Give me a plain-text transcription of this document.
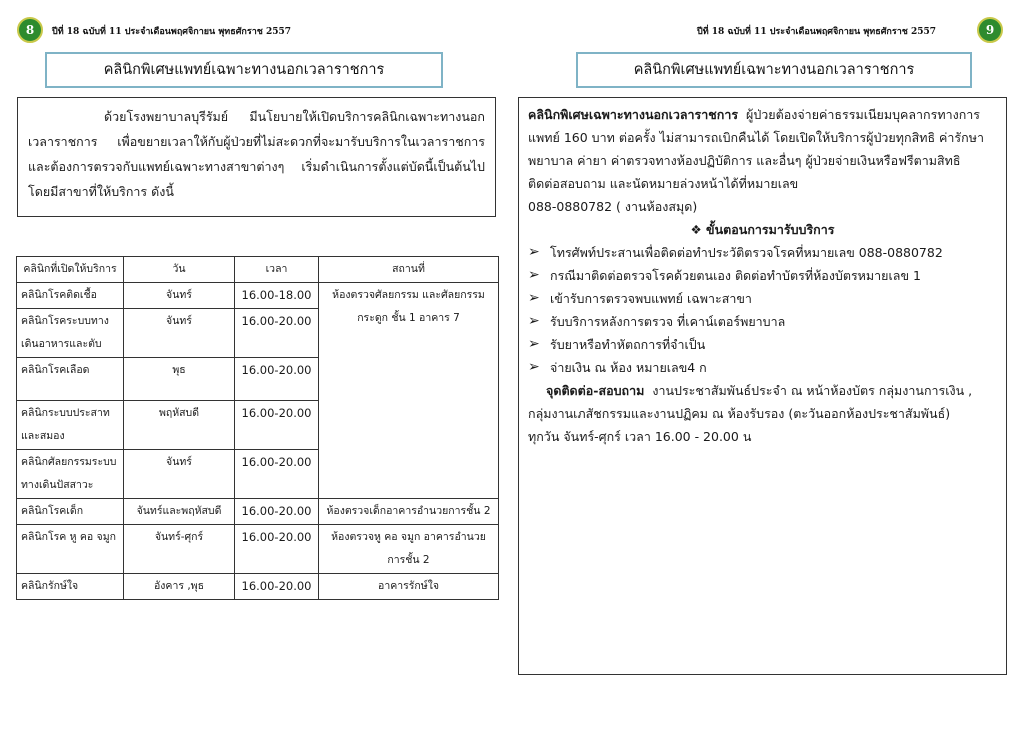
8	ปีที่ 18 ฉบับที่ 11 ประจำเดือนพฤศจิกายน พุทธศักราช 2557
คลินิกพิเศษแพทย์เฉพาะทางนอกเวลาราชการ

ด้วยโรงพยาบาลบุรีรัมย์ มีนโยบายให้เปิดบริการคลินิกเฉพาะทางนอกเวลาราชการ เพื่อขยายเวลาให้กับผู้ป่วยที่ไม่สะดวกที่จะมารับบริการในเวลาราชการ และต้องการตรวจกับแพทย์เฉพาะทางสาขาต่างๆ เริ่มดำเนินการตั้งแต่บัดนี้เป็นต้นไป โดยมีสาขาที่ให้บริการ ดังนี้

คลินิกที่เปิดให้บริการ	วัน	เวลา	สถานที่
คลินิกโรคติดเชื้อ	จันทร์	16.00-18.00	ห้องตรวจศัลยกรรม และศัลยกรรมกระดูก ชั้น 1 อาคาร 7
คลินิกโรคระบบทางเดินอาหารและตับ	จันทร์	16.00-20.00	
คลินิกโรคเลือด	พุธ	16.00-20.00	
คลินิกระบบประสาทและสมอง	พฤหัสบดี	16.00-20.00	
คลินิกศัลยกรรมระบบทางเดินปัสสาวะ	จันทร์	16.00-20.00	
คลินิกโรคเด็ก	จันทร์และพฤหัสบดี	16.00-20.00	ห้องตรวจเด็กอาคารอำนวยการชั้น 2
คลินิกโรค หู คอ จมูก	จันทร์-ศุกร์	16.00-20.00	ห้องตรวจหู คอ จมูก อาคารอำนวยการชั้น 2
คลินิกรักษ์ใจ	อังคาร ,พุธ	16.00-20.00	อาคารรักษ์ใจ
ปีที่ 18 ฉบับที่ 11 ประจำเดือนพฤศจิกายน พุทธศักราช 2557	9
คลินิกพิเศษแพทย์เฉพาะทางนอกเวลาราชการ

คลินิกพิเศษเฉพาะทางนอกเวลาราชการ ผู้ป่วยต้องจ่ายค่าธรรมเนียมบุคลากรทางการแพทย์ 160 บาท ต่อครั้ง ไม่สามารถเบิกคืนได้ โดยเปิดให้บริการผู้ป่วยทุกสิทธิ ค่ารักษาพยาบาล ค่ายา ค่าตรวจทางห้องปฏิบัติการ และอื่นๆ ผู้ป่วยจ่ายเงินหรือฟรีตามสิทธิ

ติดต่อสอบถาม และนัดหมายล่วงหน้าได้ที่หมายเลข

088-0880782 ( งานห้องสมุด)

❖ ขั้นตอนการมารับบริการ

➢ โทรศัพท์ประสานเพื่อติดต่อทำประวัติตรวจโรคที่หมายเลข 088-0880782
➢ กรณีมาติดต่อตรวจโรคด้วยตนเอง ติดต่อทำบัตรที่ห้องบัตรหมายเลข 1
➢ เข้ารับการตรวจพบแพทย์ เฉพาะสาขา
➢ รับบริการหลังการตรวจ ที่เคาน์เตอร์พยาบาล
➢ รับยาหรือทำหัตถการที่จำเป็น
➢ จ่ายเงิน ณ ห้อง หมายเลข4 ก

จุดติดต่อ-สอบถาม งานประชาสัมพันธ์ประจำ ณ หน้าห้องบัตร กลุ่มงานการเงิน , กลุ่มงานเภสัชกรรมและงานปฏิคม ณ ห้องรับรอง (ตะวันออกห้องประชาสัมพันธ์)

ทุกวัน จันทร์-ศุกร์ เวลา 16.00 - 20.00 น
